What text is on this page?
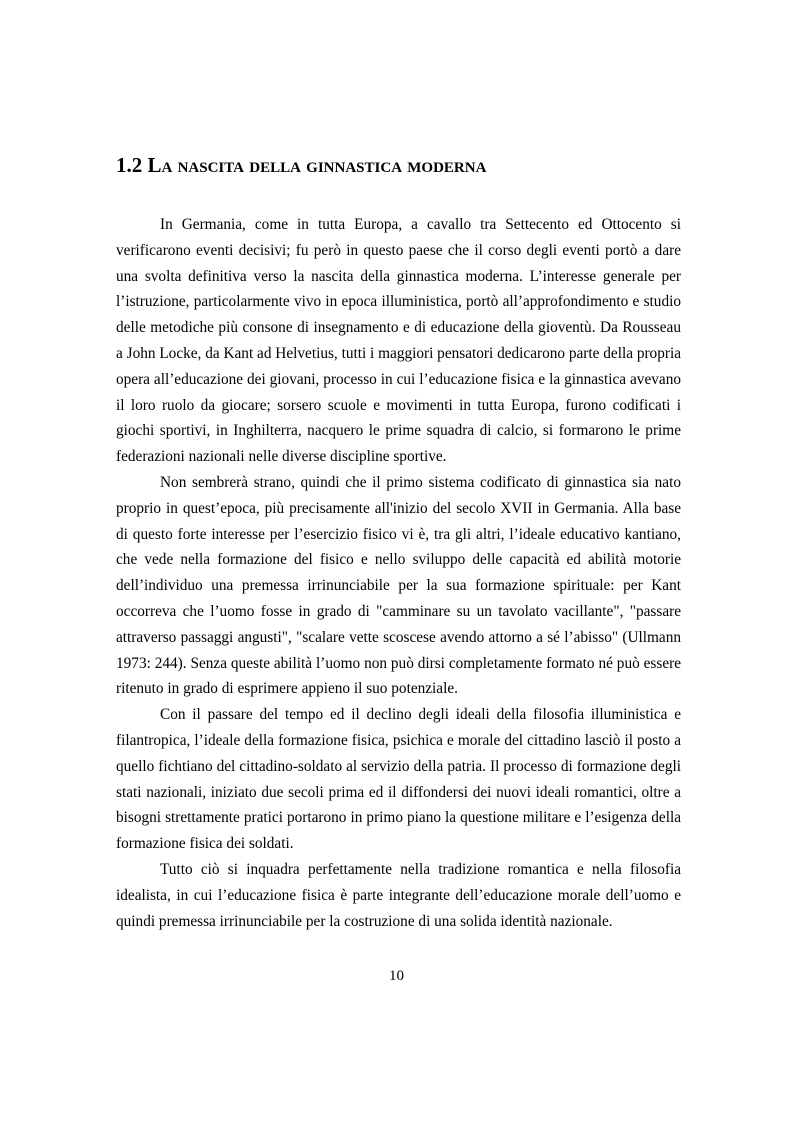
1.2 La nascita della ginnastica moderna

In Germania, come in tutta Europa, a cavallo tra Settecento ed Ottocento si verificarono eventi decisivi; fu però in questo paese che il corso degli eventi portò a dare una svolta definitiva verso la nascita della ginnastica moderna. L’interesse generale per l’istruzione, particolarmente vivo in epoca illuministica, portò all’approfondimento e studio delle metodiche più consone di insegnamento e di educazione della gioventù. Da Rousseau a John Locke, da Kant ad Helvetius, tutti i maggiori pensatori dedicarono parte della propria opera all’educazione dei giovani, processo in cui l’educazione fisica e la ginnastica avevano il loro ruolo da giocare; sorsero scuole e movimenti in tutta Europa, furono codificati i giochi sportivi, in Inghilterra, nacquero le prime squadra di calcio, si formarono le prime federazioni nazionali nelle diverse discipline sportive.

Non sembrerà strano, quindi che il primo sistema codificato di ginnastica sia nato proprio in quest’epoca, più precisamente all'inizio del secolo XVII in Germania. Alla base di questo forte interesse per l’esercizio fisico vi è, tra gli altri, l’ideale educativo kantiano, che vede nella formazione del fisico e nello sviluppo delle capacità ed abilità motorie dell’individuo una premessa irrinunciabile per la sua formazione spirituale: per Kant occorreva che l’uomo fosse in grado di "camminare su un tavolato vacillante", "passare attraverso passaggi angusti", "scalare vette scoscese avendo attorno a sé l’abisso" (Ullmann 1973: 244). Senza queste abilità l’uomo non può dirsi completamente formato né può essere ritenuto in grado di esprimere appieno il suo potenziale.

Con il passare del tempo ed il declino degli ideali della filosofia illuministica e filantropica, l’ideale della formazione fisica, psichica e morale del cittadino lasciò il posto a quello fichtiano del cittadino-soldato al servizio della patria. Il processo di formazione degli stati nazionali, iniziato due secoli prima ed il diffondersi dei nuovi ideali romantici, oltre a bisogni strettamente pratici portarono in primo piano la questione militare e l’esigenza della formazione fisica dei soldati.

Tutto ciò si inquadra perfettamente nella tradizione romantica e nella filosofia idealista, in cui l’educazione fisica è parte integrante dell’educazione morale dell’uomo e quindi premessa irrinunciabile per la costruzione di una solida identità nazionale.

10
